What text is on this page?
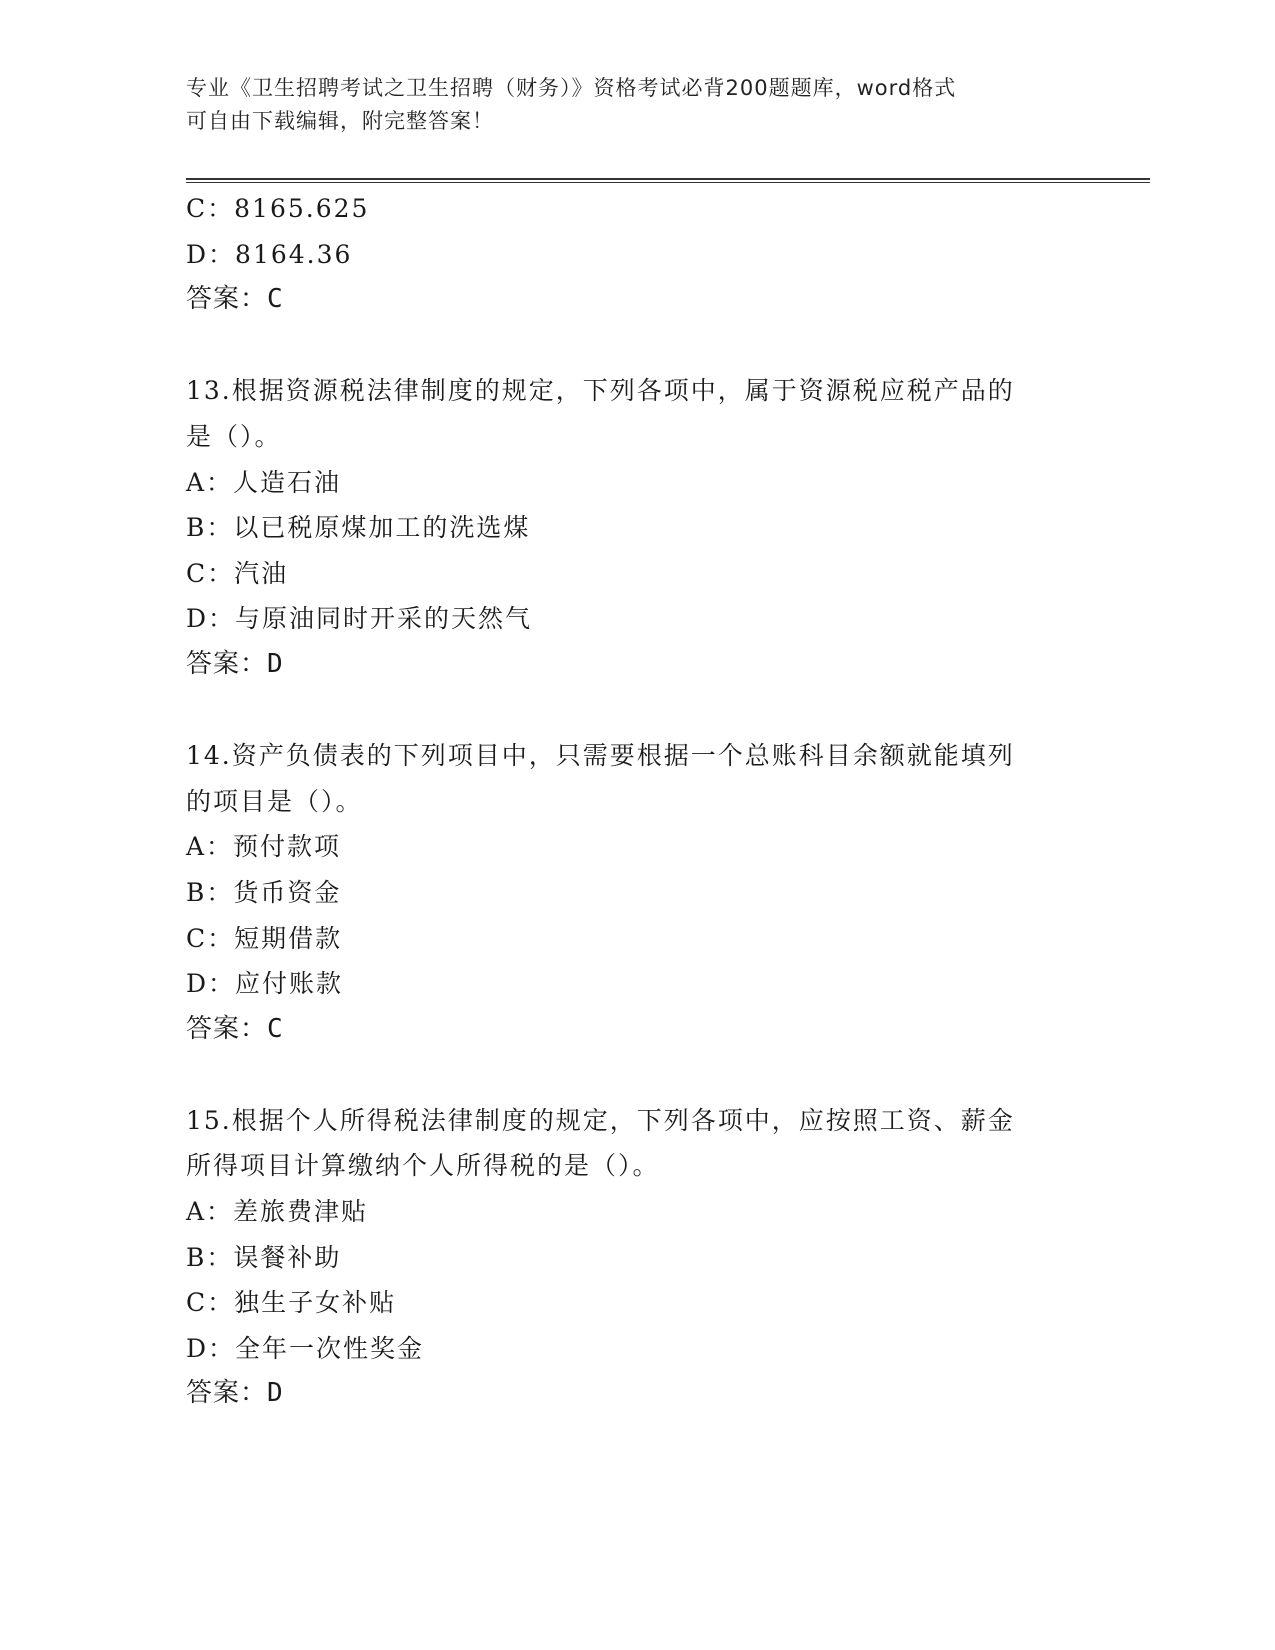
专业《卫生招聘考试之卫生招聘（财务）》资格考试必背200题题库，word格式
可自由下载编辑，附完整答案！
C：8165.625
D：8164.36
答案：C
13.根据资源税法律制度的规定，下列各项中，属于资源税应税产品的
是（）。
A：人造石油
B：以已税原煤加工的洗选煤
C：汽油
D：与原油同时开采的天然气
答案：D
14.资产负债表的下列项目中，只需要根据一个总账科目余额就能填列
的项目是（）。
A：预付款项
B：货币资金
C：短期借款
D：应付账款
答案：C
15.根据个人所得税法律制度的规定，下列各项中，应按照工资、薪金
所得项目计算缴纳个人所得税的是（）。
A：差旅费津贴
B：误餐补助
C：独生子女补贴
D：全年一次性奖金
答案：D
